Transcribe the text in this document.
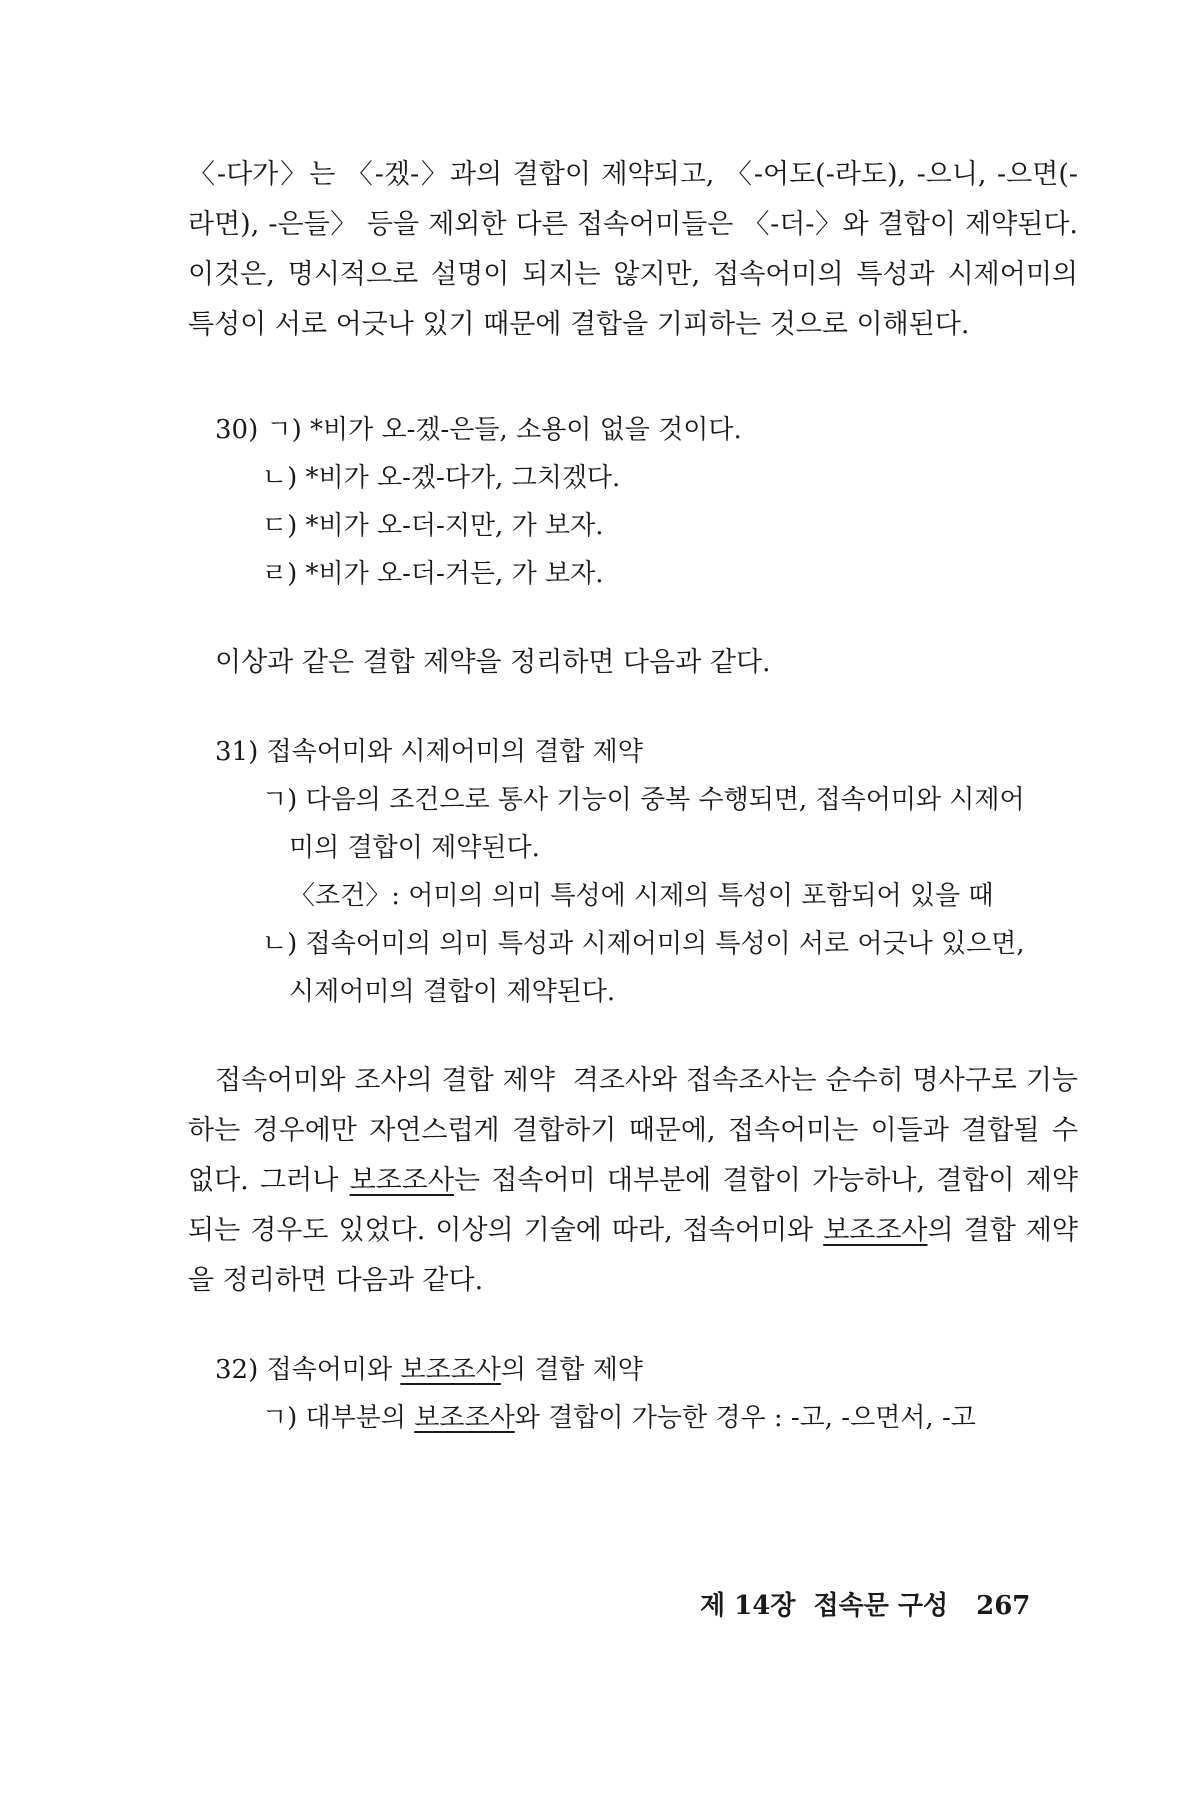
〈-다가〉는 〈-겠-〉과의 결합이 제약되고, 〈-어도(-라도), -으니, -으면(-라면), -은들〉 등을 제외한 다른 접속어미들은 〈-더-〉와 결합이 제약된다. 이것은, 명시적으로 설명이 되지는 않지만, 접속어미의 특성과 시제어미의 특성이 서로 어긋나 있기 때문에 결합을 기피하는 것으로 이해된다.

30) ㄱ) *비가 오-겠-은들, 소용이 없을 것이다.

ㄴ) *비가 오-겠-다가, 그치겠다.

ㄷ) *비가 오-더-지만, 가 보자.

ㄹ) *비가 오-더-거든, 가 보자.

이상과 같은 결합 제약을 정리하면 다음과 같다.

31) 접속어미와 시제어미의 결합 제약

ㄱ) 다음의 조건으로 통사 기능이 중복 수행되면, 접속어미와 시제어
미의 결합이 제약된다.

〈조건〉: 어미의 의미 특성에 시제의 특성이 포함되어 있을 때

ㄴ) 접속어미의 의미 특성과 시제어미의 특성이 서로 어긋나 있으면,
시제어미의 결합이 제약된다.

접속어미와 조사의 결합 제약 격조사와 접속조사는 순수히 명사구로 기능하는 경우에만 자연스럽게 결합하기 때문에, 접속어미는 이들과 결합될 수 없다. 그러나 보조조사는 접속어미 대부분에 결합이 가능하나, 결합이 제약되는 경우도 있었다. 이상의 기술에 따라, 접속어미와 보조조사의 결합 제약을 정리하면 다음과 같다.

32) 접속어미와 보조조사의 결합 제약

ㄱ) 대부분의 보조조사와 결합이 가능한 경우 : -고, -으면서, -고

제 14장 접속문 구성 267
